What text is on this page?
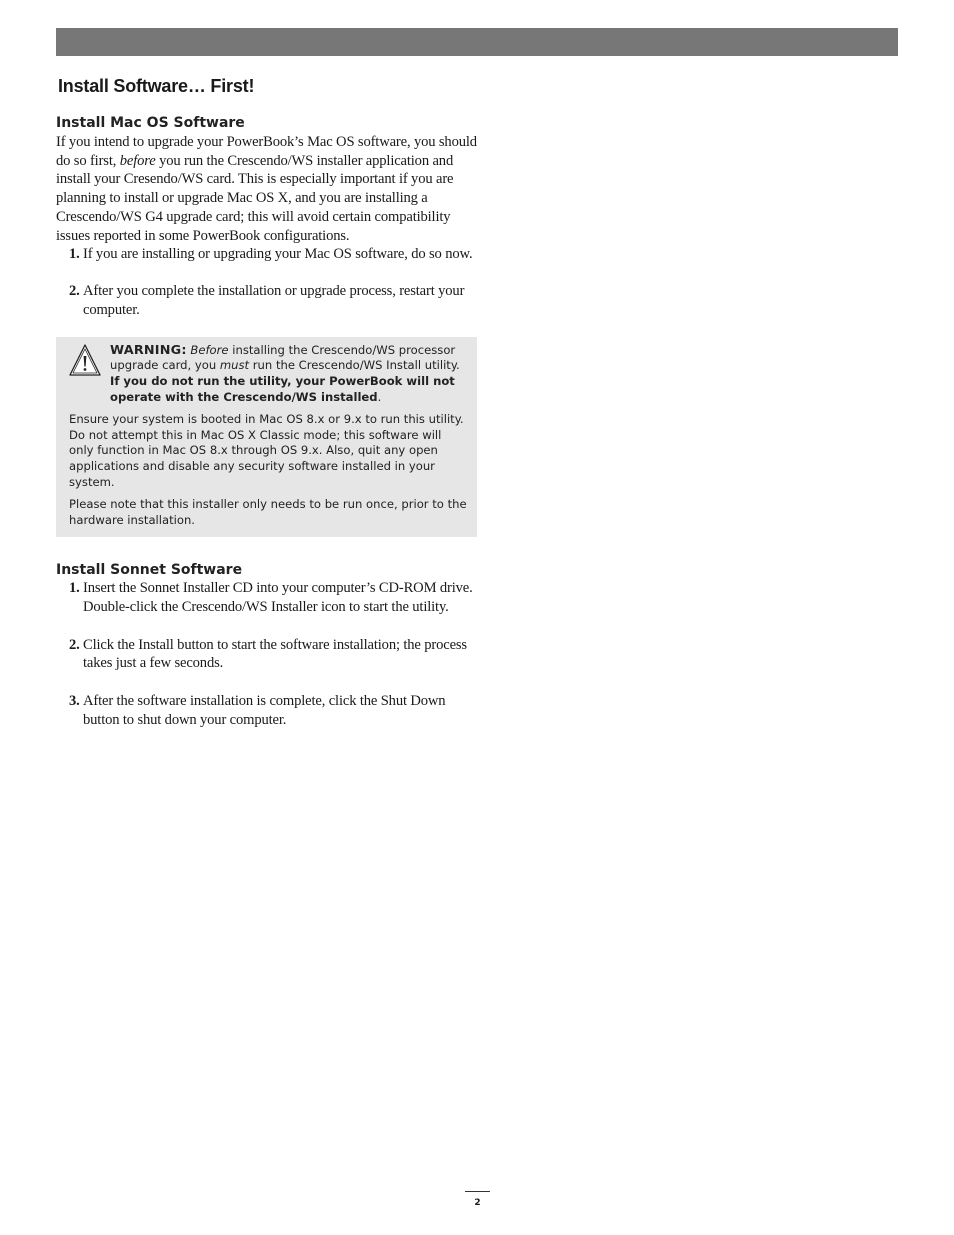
Install Software… First!
Install Mac OS Software

If you intend to upgrade your PowerBook’s Mac OS software, you should do so first, before you run the Crescendo/WS installer application and install your Cresendo/WS card. This is especially important if you are planning to install or upgrade Mac OS X, and you are installing a Crescendo/WS G4 upgrade card; this will avoid certain compatibility issues reported in some PowerBook configurations.

1. If you are installing or upgrading your Mac OS software, do so now.
2. After you complete the installation or upgrade process, restart your computer.

WARNING: Before installing the Crescendo/WS processor upgrade card, you must run the Crescendo/WS Install utility. If you do not run the utility, your PowerBook will not operate with the Crescendo/WS installed.

Ensure your system is booted in Mac OS 8.x or 9.x to run this utility. Do not attempt this in Mac OS X Classic mode; this software will only function in Mac OS 8.x through OS 9.x. Also, quit any open applications and disable any security software installed in your system.

Please note that this installer only needs to be run once, prior to the hardware installation.

Install Sonnet Software
1. Insert the Sonnet Installer CD into your computer’s CD-ROM drive. Double-click the Crescendo/WS Installer icon to start the utility.
2. Click the Install button to start the software installation; the process takes just a few seconds.
3. After the software installation is complete, click the Shut Down button to shut down your computer.
2
